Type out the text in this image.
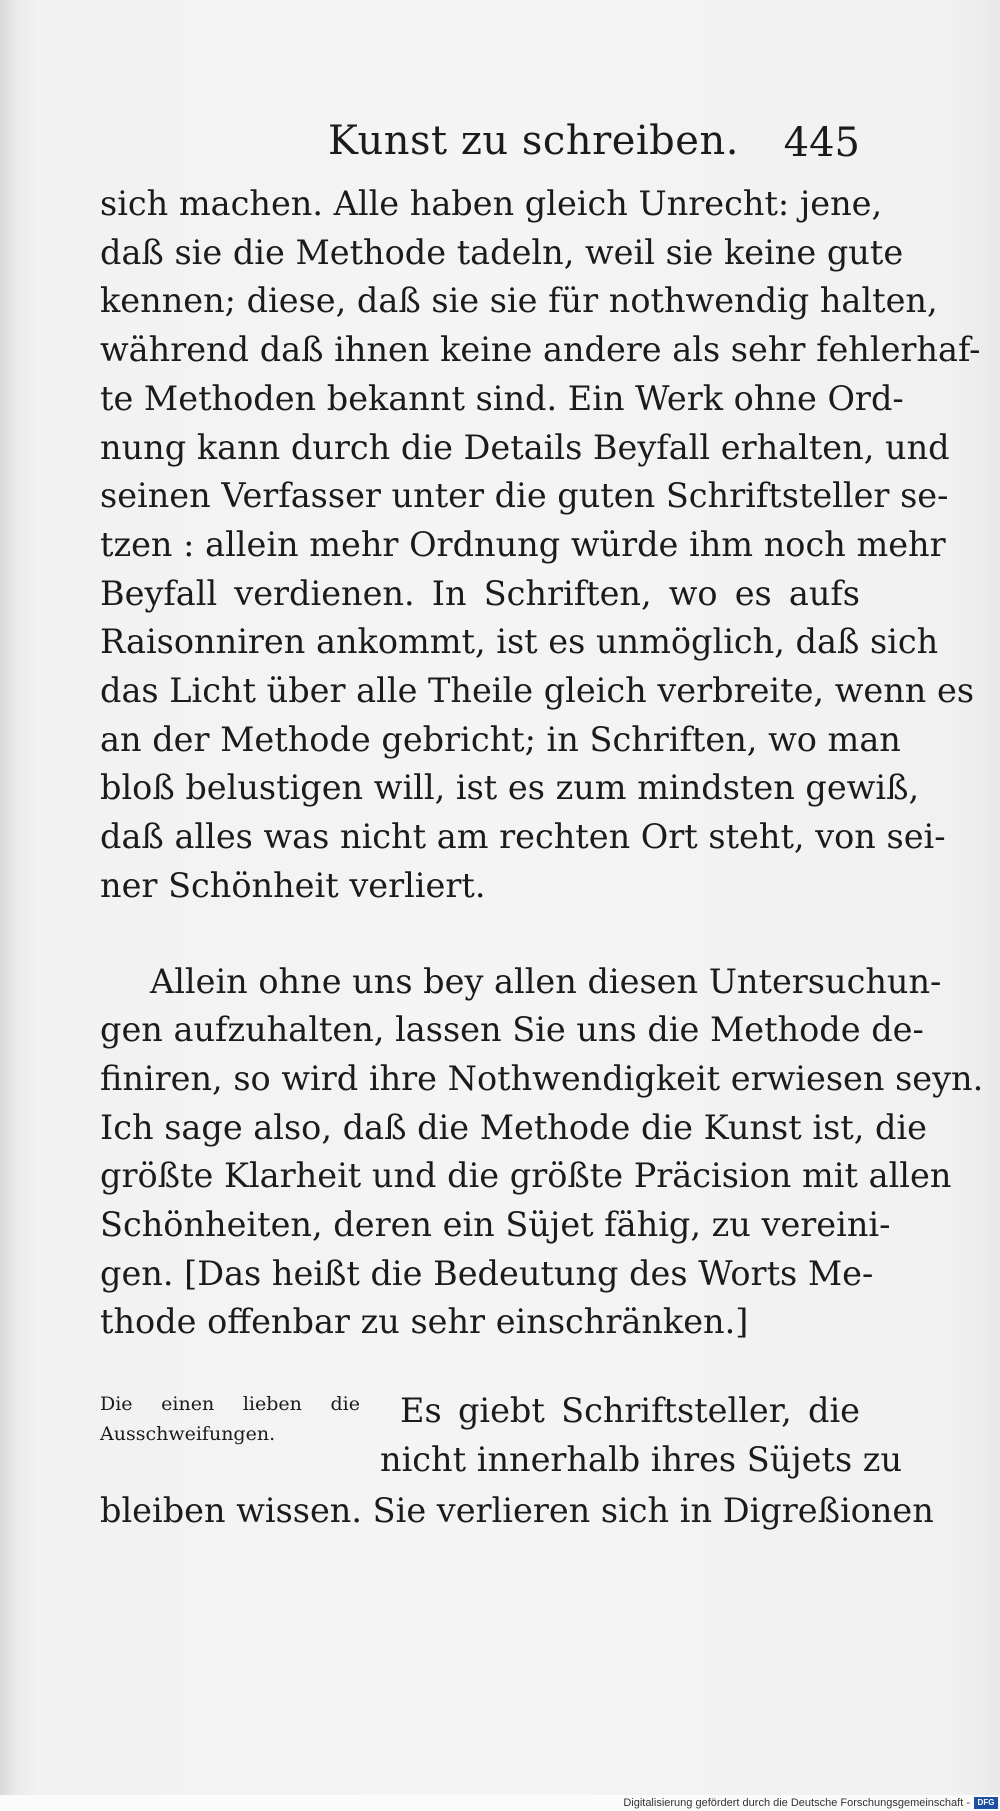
Kunst zu schreiben. 445
sich machen. Alle haben gleich Unrecht: jene,
daß sie die Methode tadeln, weil sie keine gute
kennen; diese, daß sie sie für nothwendig halten,
während daß ihnen keine andere als sehr fehlerhaf-
te Methoden bekannt sind. Ein Werk ohne Ord-
nung kann durch die Details Beyfall erhalten, und
seinen Verfasser unter die guten Schriftsteller se-
tzen : allein mehr Ordnung würde ihm noch mehr
Beyfall verdienen. In Schriften, wo es aufs
Raisonniren ankommt, ist es unmöglich, daß sich
das Licht über alle Theile gleich verbreite, wenn es
an der Methode gebricht; in Schriften, wo man
bloß belustigen will, ist es zum mindsten gewiß,
daß alles was nicht am rechten Ort steht, von sei-
ner Schönheit verliert.
Allein ohne uns bey allen diesen Untersuchun-
gen aufzuhalten, lassen Sie uns die Methode de-
finiren, so wird ihre Nothwendigkeit erwiesen seyn.
Ich sage also, daß die Methode die Kunst ist, die
größte Klarheit und die größte Präcision mit allen
Schönheiten, deren ein Süjet fähig, zu vereini-
gen. [Das heißt die Bedeutung des Worts Me-
thode offenbar zu sehr einschränken.]
Die einen lieben die
Ausschweifungen.
Es giebt Schriftsteller, die
nicht innerhalb ihres Süjets zu
bleiben wissen. Sie verlieren sich in Digreßionen
Digitalisierung gefördert durch die Deutsche Forschungsgemeinschaft - DFG
